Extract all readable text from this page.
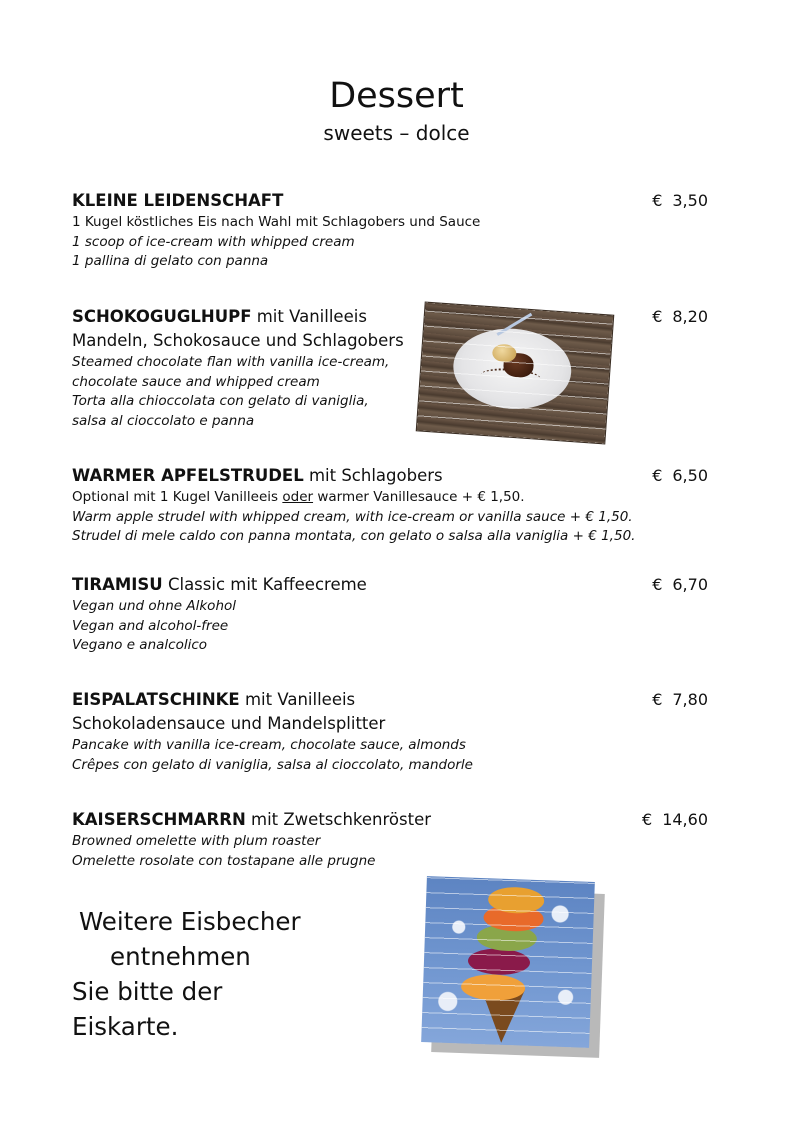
Dessert
sweets – dolce
KLEINE LEIDENSCHAFT
1 Kugel köstliches Eis nach Wahl mit Schlagobers und Sauce
1 scoop of ice-cream with whipped cream
1 pallina di gelato con panna
€ 3,50
SCHOKOGUGLHUPF mit Vanilleeis
Mandeln, Schokosauce und Schlagobers
Steamed chocolate flan with vanilla ice-cream,
chocolate sauce and whipped cream
Torta alla chioccolata con gelato di vaniglia,
salsa al cioccolato e panna
€ 8,20
WARMER APFELSTRUDEL mit Schlagobers
Optional mit 1 Kugel Vanilleeis oder warmer Vanillesauce + € 1,50.
Warm apple strudel with whipped cream, with ice-cream or vanilla sauce + € 1,50.
Strudel di mele caldo con panna montata, con gelato o salsa alla vaniglia + € 1,50.
€ 6,50
TIRAMISU Classic mit Kaffeecreme
Vegan und ohne Alkohol
Vegan and alcohol-free
Vegano e analcolico
€ 6,70
EISPALATSCHINKE mit Vanilleeis
Schokoladensauce und Mandelsplitter
Pancake with vanilla ice-cream, chocolate sauce, almonds
Crêpes con gelato di vaniglia, salsa al cioccolato, mandorle
€ 7,80
KAISERSCHMARRN mit Zwetschkenröster
Browned omelette with plum roaster
Omelette rosolate con tostapane alle prugne
€ 14,60
Weitere Eisbecher
entnehmen
Sie bitte der Eiskarte.
